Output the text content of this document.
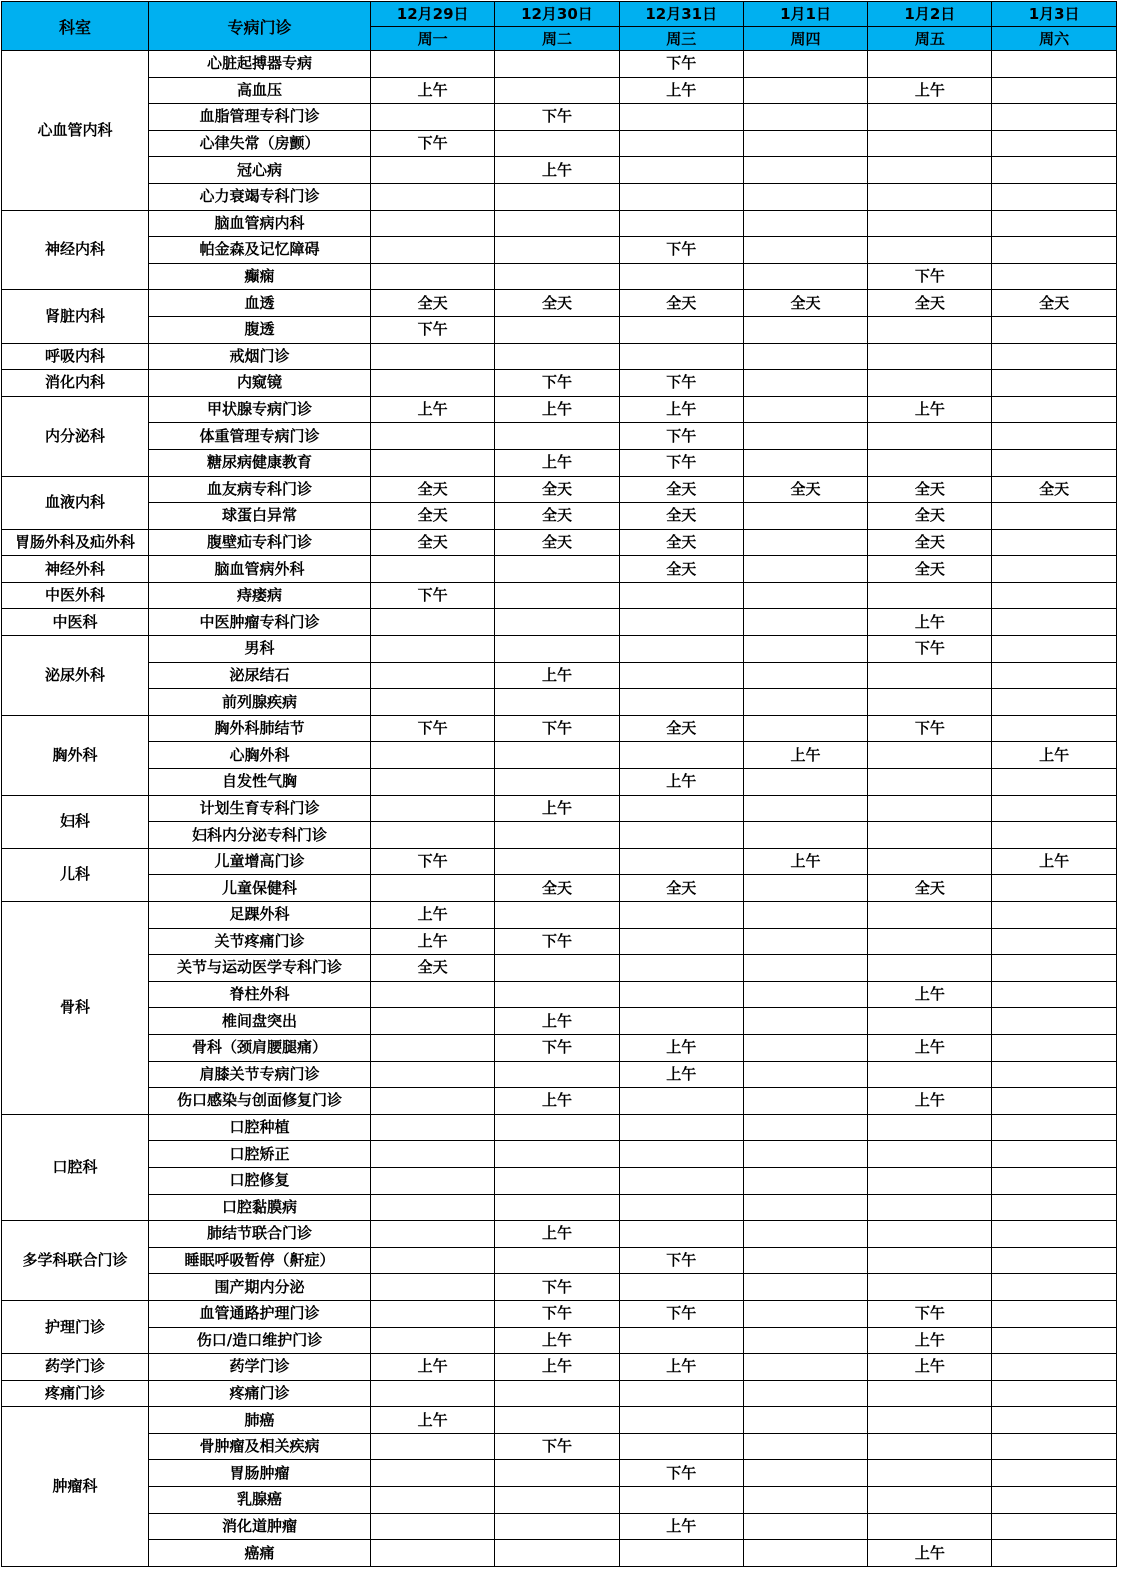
科室	专病门诊	12月29日	12月30日	12月31日	1月1日	1月2日	1月3日
		周一	周二	周三	周四	周五	周六
心血管内科	心脏起搏器专病			下午			
	高血压	上午		上午		上午	
	血脂管理专科门诊		下午				
	心律失常（房颤）	下午					
	冠心病		上午				
	心力衰竭专科门诊						
神经内科	脑血管病内科						
	帕金森及记忆障碍			下午			
	癫痫					下午	
肾脏内科	血透	全天	全天	全天	全天	全天	全天
	腹透	下午					
呼吸内科	戒烟门诊						
消化内科	内窥镜		下午	下午			
内分泌科	甲状腺专病门诊	上午	上午	上午		上午	
	体重管理专病门诊			下午			
	糖尿病健康教育		上午	下午			
血液内科	血友病专科门诊	全天	全天	全天	全天	全天	全天
	球蛋白异常	全天	全天	全天		全天	
胃肠外科及疝外科	腹壁疝专科门诊	全天	全天	全天		全天	
神经外科	脑血管病外科			全天		全天	
中医外科	痔瘘病	下午					
中医科	中医肿瘤专科门诊					上午	
泌尿外科	男科					下午	
	泌尿结石		上午				
	前列腺疾病						
胸外科	胸外科肺结节	下午	下午	全天		下午	
	心胸外科				上午		上午
	自发性气胸			上午			
妇科	计划生育专科门诊		上午				
	妇科内分泌专科门诊						
儿科	儿童增高门诊	下午			上午		上午
	儿童保健科		全天	全天		全天	
骨科	足踝外科	上午					
	关节疼痛门诊	上午	下午				
	关节与运动医学专科门诊	全天					
	脊柱外科					上午	
	椎间盘突出		上午				
	骨科（颈肩腰腿痛）		下午	上午		上午	
	肩膝关节专病门诊			上午			
	伤口感染与创面修复门诊		上午			上午	
口腔科	口腔种植						
	口腔矫正						
	口腔修复						
	口腔黏膜病						
多学科联合门诊	肺结节联合门诊		上午				
	睡眠呼吸暂停（鼾症）			下午			
	围产期内分泌		下午				
护理门诊	血管通路护理门诊		下午	下午		下午	
	伤口/造口维护门诊		上午			上午	
药学门诊	药学门诊	上午	上午	上午		上午	
疼痛门诊	疼痛门诊						
肿瘤科	肺癌	上午					
	骨肿瘤及相关疾病		下午				
	胃肠肿瘤			下午			
	乳腺癌						
	消化道肿瘤			上午			
	癌痛					上午	
